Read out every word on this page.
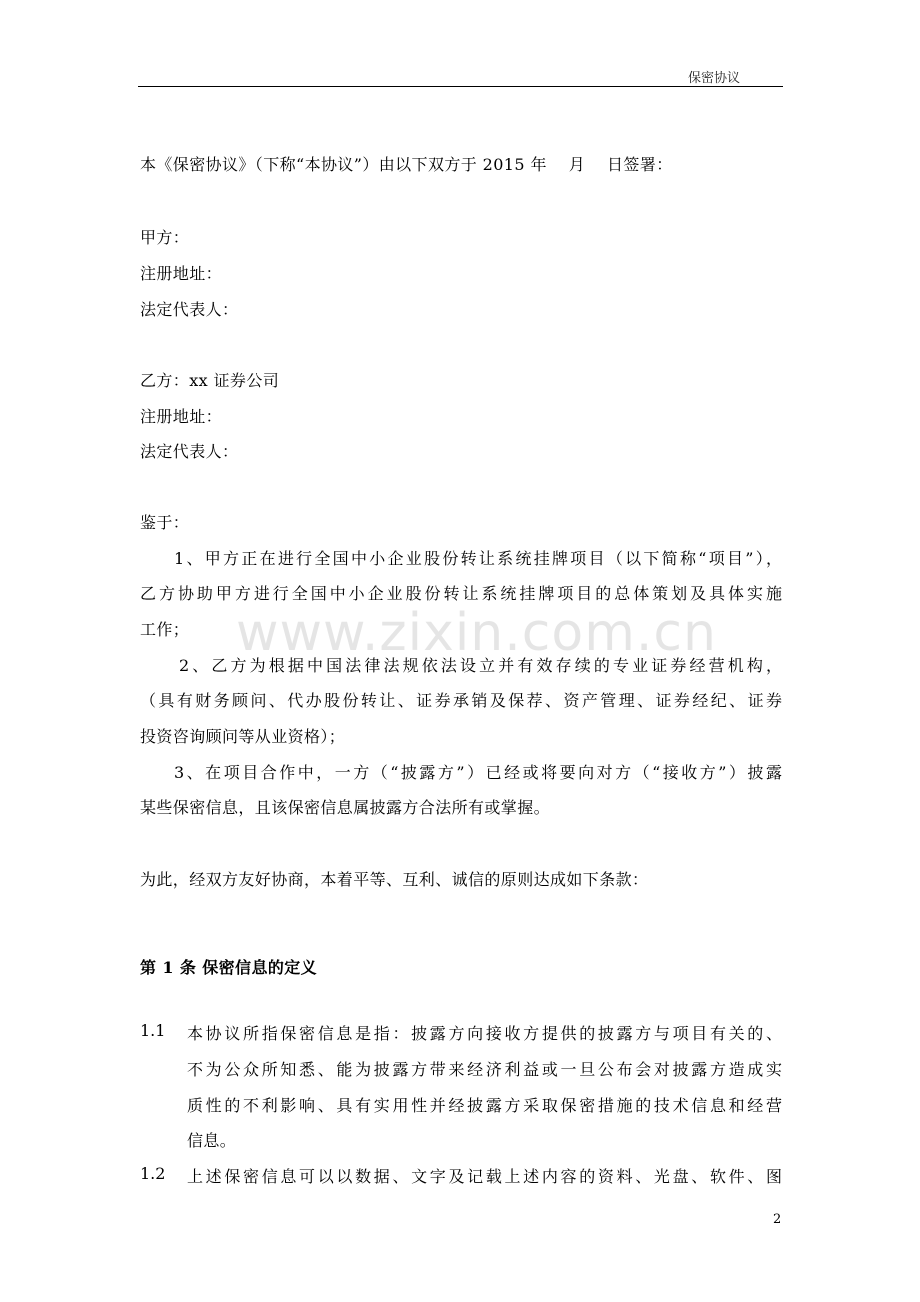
保密协议
本《保密协议》（下称“本协议”）由以下双方于 2015 年　 月　 日签署：
甲方：
注册地址：
法定代表人：
乙方：xx 证券公司
注册地址：
法定代表人：
鉴于：
1、甲方正在进行全国中小企业股份转让系统挂牌项目（以下简称“项目”），
乙方协助甲方进行全国中小企业股份转让系统挂牌项目的总体策划及具体实施
工作；
2、乙方为根据中国法律法规依法设立并有效存续的专业证券经营机构，
（具有财务顾问、代办股份转让、证券承销及保荐、资产管理、证券经纪、证券
投资咨询顾问等从业资格）；
3、在项目合作中，一方（“披露方”）已经或将要向对方（“接收方”）披露
某些保密信息，且该保密信息属披露方合法所有或掌握。
为此，经双方友好协商，本着平等、互利、诚信的原则达成如下条款：
第 1 条 保密信息的定义
1.1 本协议所指保密信息是指：披露方向接收方提供的披露方与项目有关的、
不为公众所知悉、能为披露方带来经济利益或一旦公布会对披露方造成实
质性的不利影响、具有实用性并经披露方采取保密措施的技术信息和经营
信息。
1.2 上述保密信息可以以数据、文字及记载上述内容的资料、光盘、软件、图
www.zixin.com.cn
2
